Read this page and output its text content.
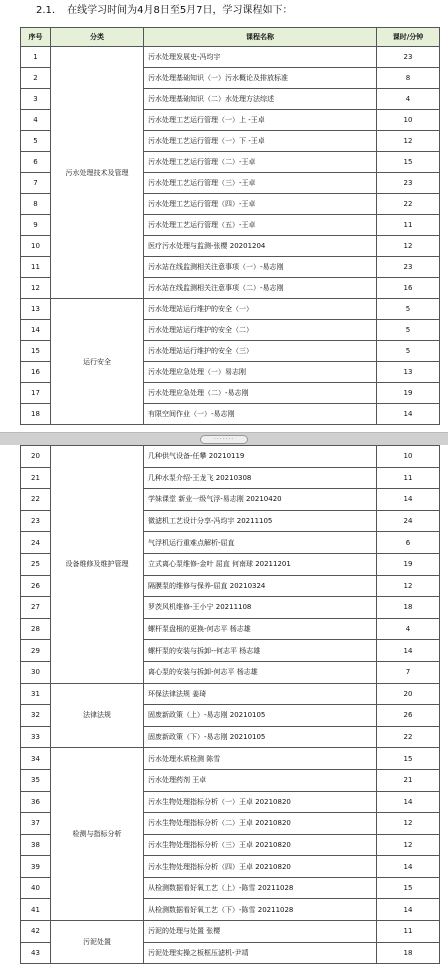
2.1. 在线学习时间为4月8日至5月7日，学习课程如下：
序号	分类	课程名称	课时/分钟
1	污水处理技术及管理	污水处理发展史-冯均宇	23
2		污水处理基础知识（一）污水概论及排放标准	8
3		污水处理基础知识（二）水处理方法综述	4
4		污水处理工艺运行管理（一）上 -王卓	10
5		污水处理工艺运行管理（一）下 -王卓	12
6		污水处理工艺运行管理（二）-王卓	15
7		污水处理工艺运行管理（三）-王卓	23
8		污水处理工艺运行管理（四）-王卓	22
9		污水处理工艺运行管理（五）-王卓	11
10		医疗污水处理与监测-张樱 20201204	12
11		污水站在线监测相关注意事项（一）-易志刚	23
12		污水站在线监测相关注意事项（二）-易志刚	16
13	运行安全	污水处理站运行维护的安全（一）	5
14		污水处理站运行维护的安全（二）	5
15		污水处理站运行维护的安全（三）	5
16		污水处理应急处理（一）易志刚	13
17		污水处理应急处理（二）-易志刚	19
18		有限空间作业（一）-易志刚	14
·······
20	设备维修及维护管理	几种供气设备-任攀 20210119	10
21		几种水泵介绍-王龙飞 20210308	11
22		学妹课堂 新业一级气浮-易志刚 20210420	14
23		微滤机工艺设计分享-冯均宇 20211105	24
24		气浮机运行重难点解析-屈直	6
25		立式离心泵维修-金叶 屈直 何南球 20211201	19
26		隔膜泵的维修与保养-屈直 20210324	12
27		罗茨风机维修-王小宁 20211108	18
28		螺杆泵盘根的更换-何志平 杨志雄	4
29		螺杆泵的安装与拆卸--何志平 杨志雄	14
30		离心泵的安装与拆卸-何志平 杨志雄	7
31	法律法规	环保法律法规 姜琦	20
32		固废新政策（上）-易志刚 20210105	26
33		固废新政策（下）-易志刚 20210105	22
34	检测与指标分析	污水处理水质检测 陈雪	15
35		污水处理药剂 王卓	21
36		污水生物处理指标分析（一）王卓 20210820	14
37		污水生物处理指标分析（二）王卓 20210820	12
38		污水生物处理指标分析（三）王卓 20210820	12
39		污水生物处理指标分析（四）王卓 20210820	14
40		从检测数据看好氧工艺（上）-陈雪 20211028	15
41		从检测数据看好氧工艺（下）-陈雪 20211028	14
42	污泥处置	污泥的处理与处置 张樱	11
43		污泥处理实操之板框压滤机-尹靖	18
